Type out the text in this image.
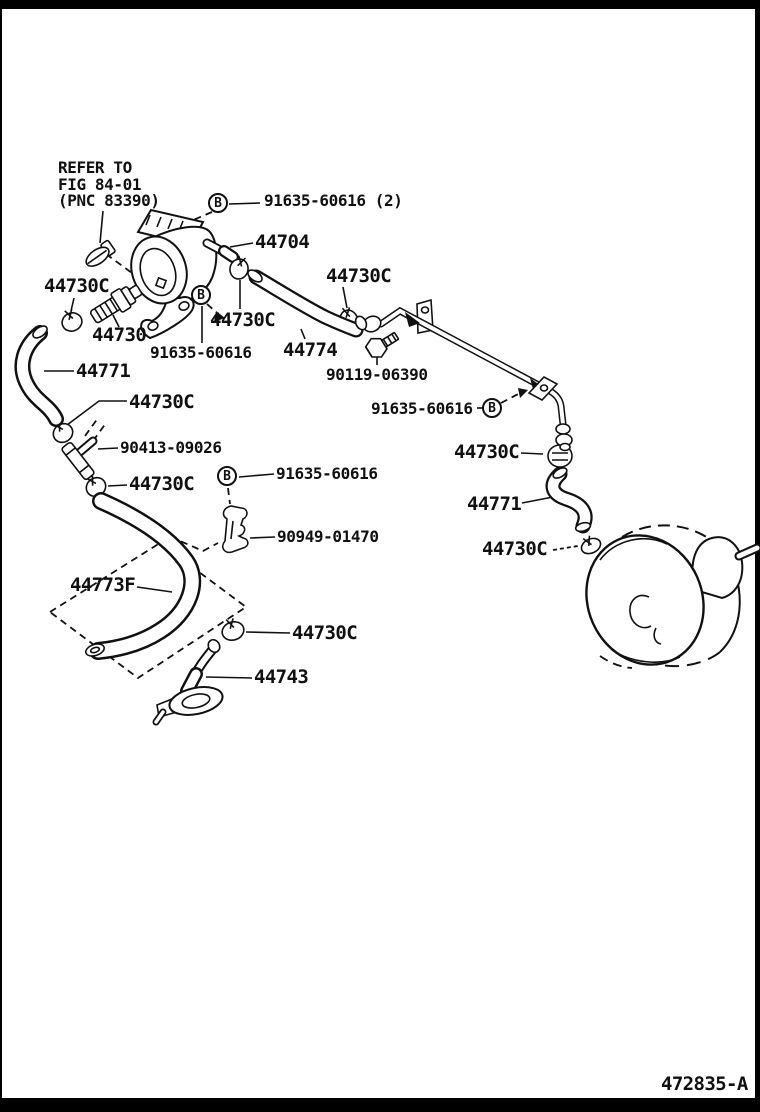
B
B
B
B
REFER TO
FIG 84-01
(PNC 83390)	91635-60616 (2)
44704
44730C
44730
91635-60616
44730C
44774
44730C
90119-06390
91635-60616
44730C
44771
44730C
44771
44730C
90413-09026
44730C	91635-60616
90949-01470
44773F
44730C
44743
472835-A
